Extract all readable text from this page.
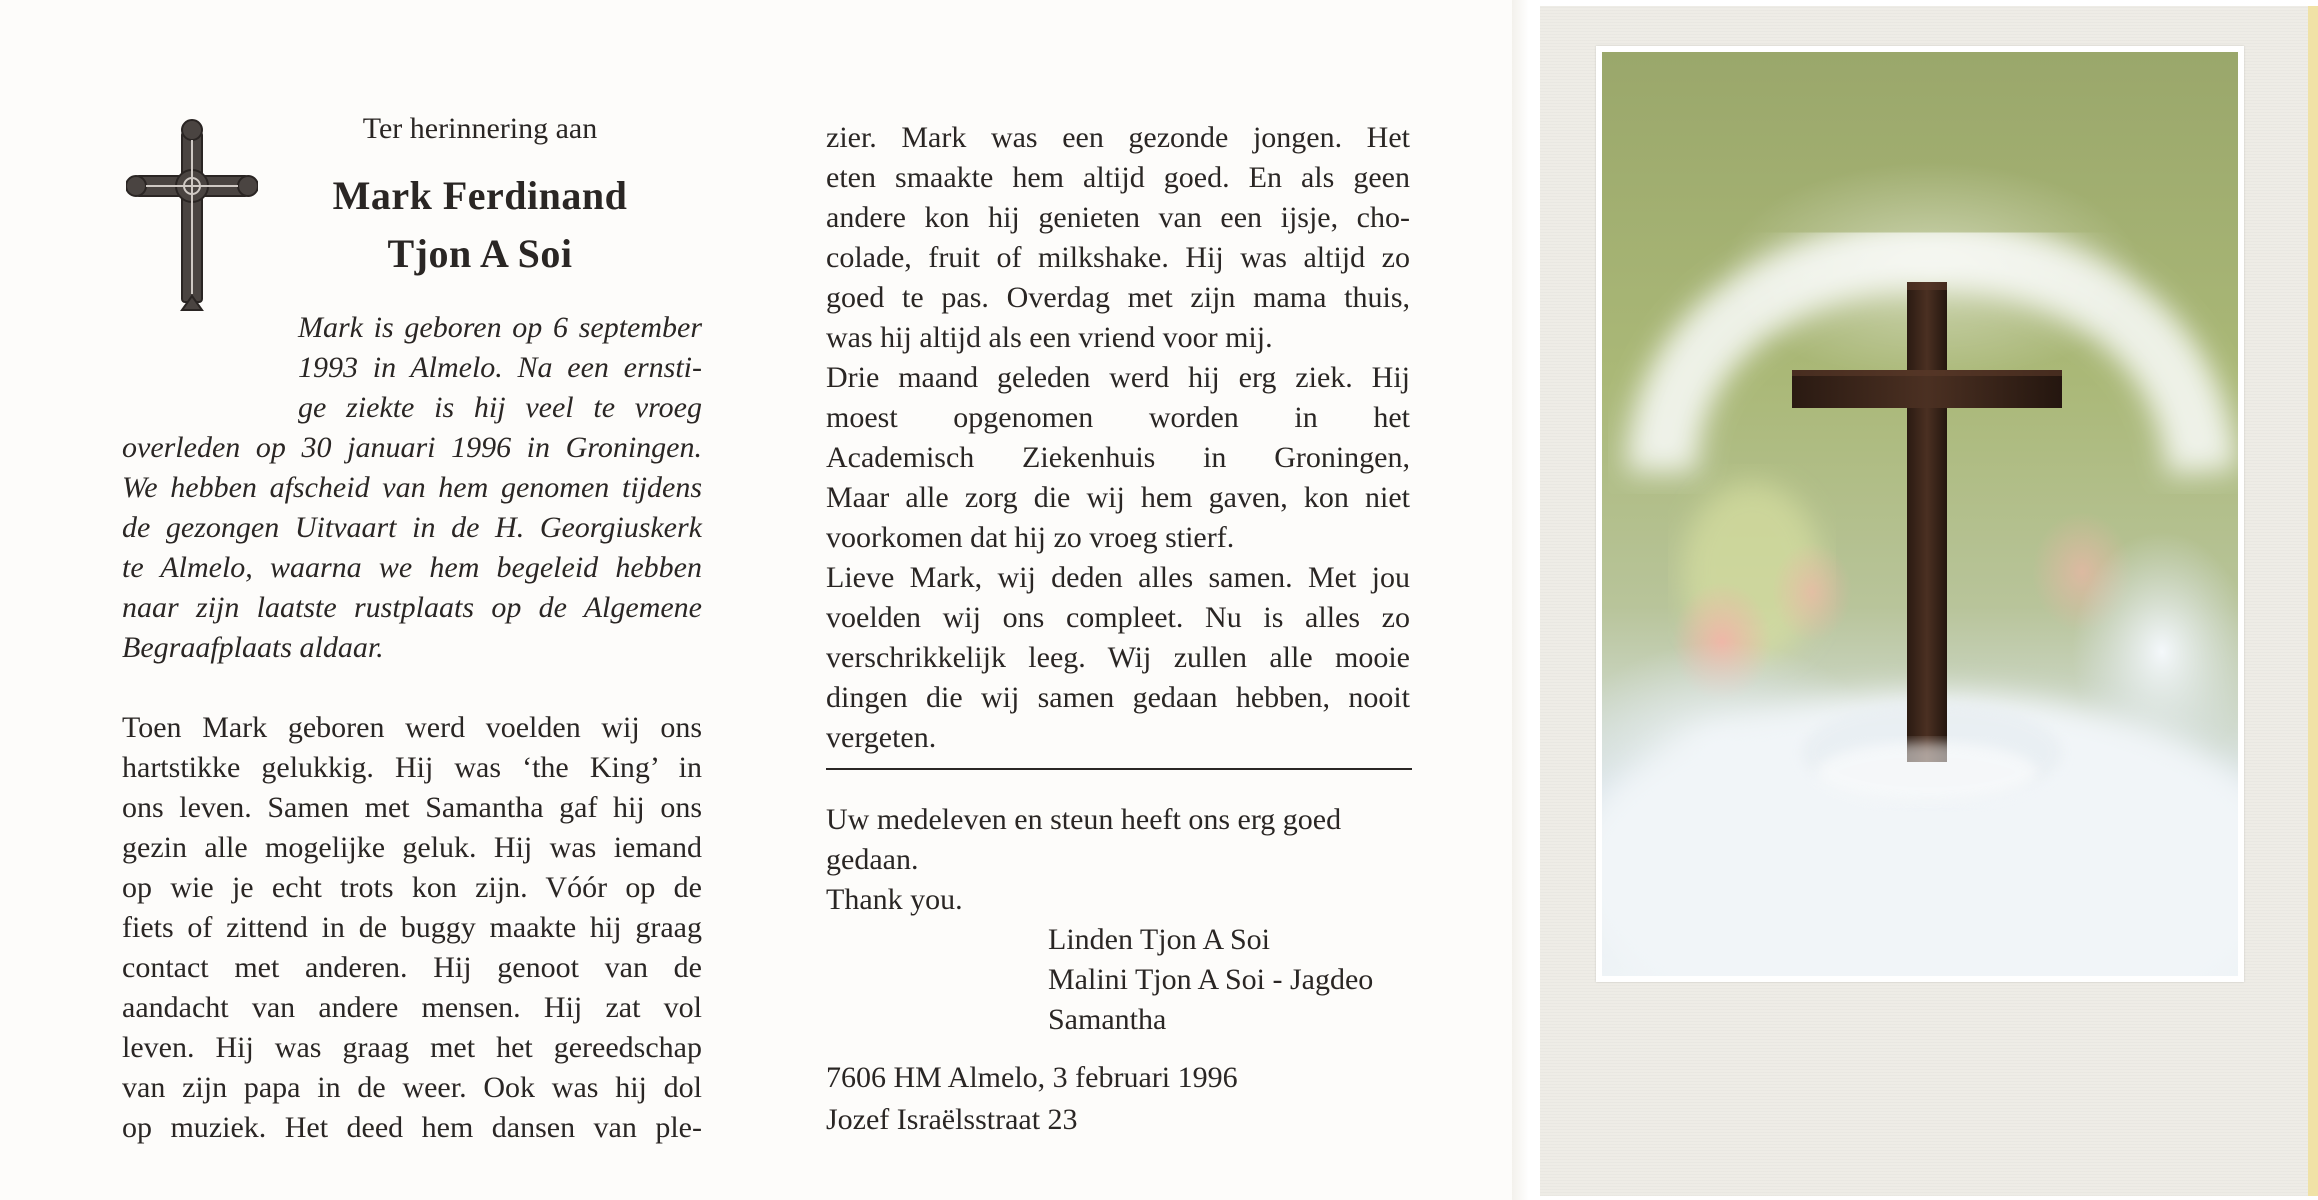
Ter herinnering aan
Mark Ferdinand
Tjon A Soi
Mark is geboren op 6 september
1993 in Almelo. Na een ernsti-
ge ziekte is hij veel te vroeg
overleden op 30 januari 1996 in Groningen.
We hebben afscheid van hem genomen tijdens
de gezongen Uitvaart in de H. Georgiuskerk
te Almelo, waarna we hem begeleid hebben
naar zijn laatste rustplaats op de Algemene
Begraafplaats aldaar.
Toen Mark geboren werd voelden wij ons
hartstikke gelukkig. Hij was ‘the King’ in
ons leven. Samen met Samantha gaf hij ons
gezin alle mogelijke geluk. Hij was iemand
op wie je echt trots kon zijn. Vóór op de
fiets of zittend in de buggy maakte hij graag
contact met anderen. Hij genoot van de
aandacht van andere mensen. Hij zat vol
leven. Hij was graag met het gereedschap
van zijn papa in de weer. Ook was hij dol
op muziek. Het deed hem dansen van ple-
zier. Mark was een gezonde jongen. Het
eten smaakte hem altijd goed. En als geen
andere kon hij genieten van een ijsje, cho-
colade, fruit of milkshake. Hij was altijd zo
goed te pas. Overdag met zijn mama thuis,
was hij altijd als een vriend voor mij.
Drie maand geleden werd hij erg ziek. Hij
moest opgenomen worden in het
Academisch Ziekenhuis in Groningen,
Maar alle zorg die wij hem gaven, kon niet
voorkomen dat hij zo vroeg stierf.
Lieve Mark, wij deden alles samen. Met jou
voelden wij ons compleet. Nu is alles zo
verschrikkelijk leeg. Wij zullen alle mooie
dingen die wij samen gedaan hebben, nooit
vergeten.
Uw medeleven en steun heeft ons erg goed
gedaan.
Thank you.
Linden Tjon A Soi
Malini Tjon A Soi - Jagdeo
Samantha
7606 HM Almelo, 3 februari 1996
Jozef Israëlsstraat 23
